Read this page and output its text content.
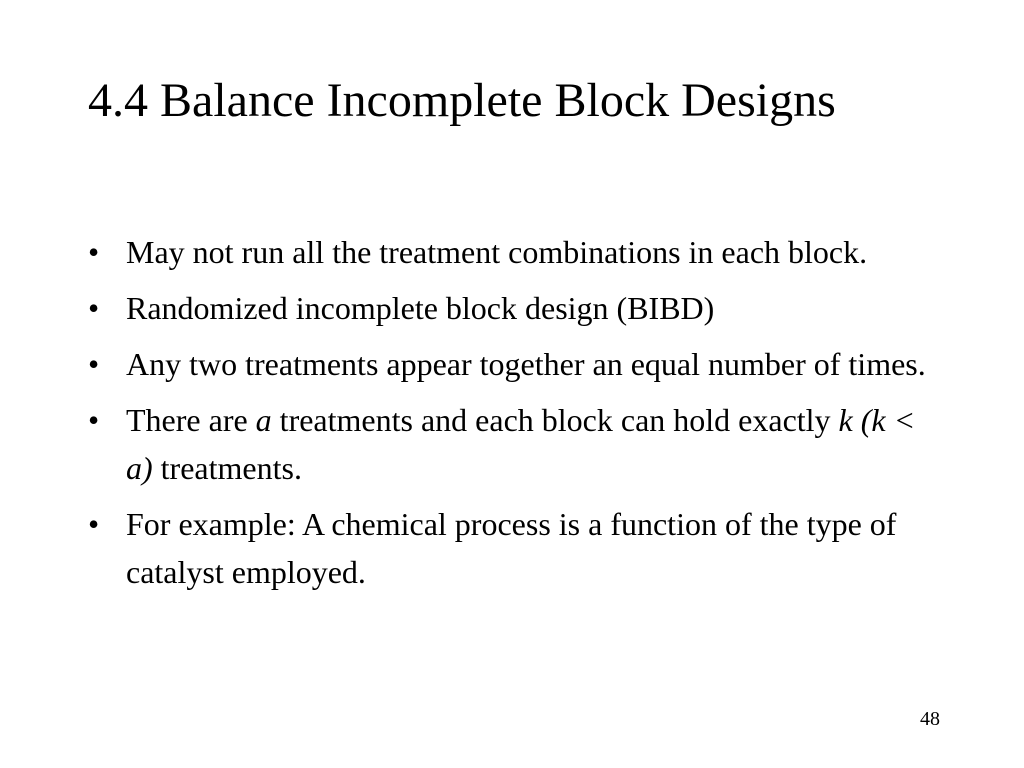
4.4 Balance Incomplete Block Designs
• May not run all the treatment combinations in each block.
• Randomized incomplete block design (BIBD)
• Any two treatments appear together an equal number of times.
• There are a treatments and each block can hold exactly k (k < a) treatments.
• For example: A chemical process is a function of the type of catalyst employed.
48
